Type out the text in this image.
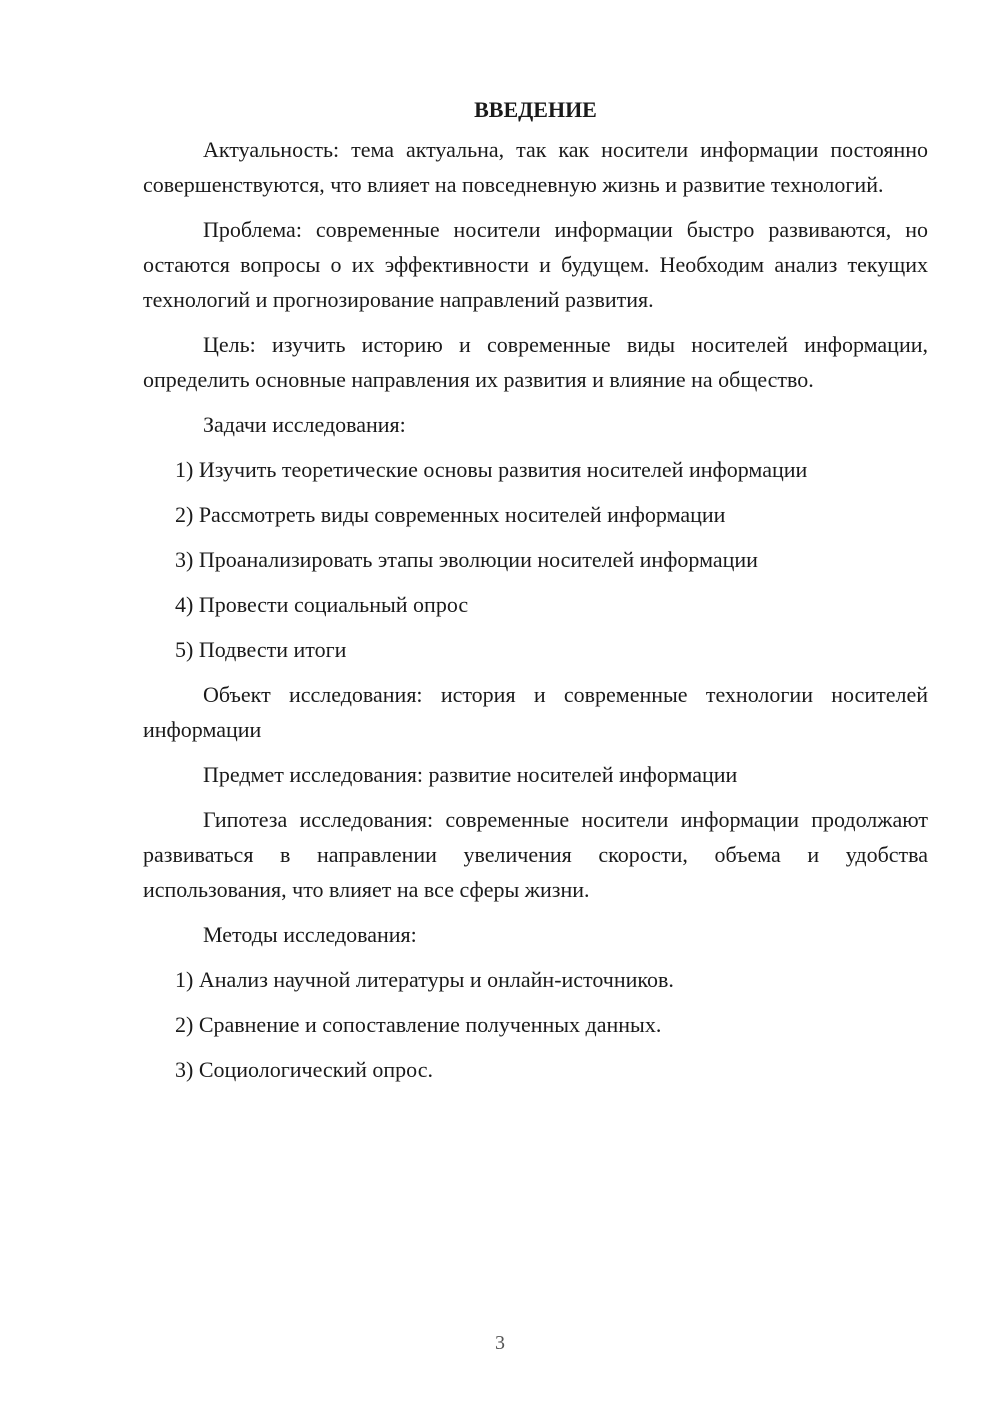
ВВЕДЕНИЕ

Актуальность: тема актуальна, так как носители информации постоянно совершенствуются, что влияет на повседневную жизнь и развитие технологий.

Проблема: современные носители информации быстро развиваются, но остаются вопросы о их эффективности и будущем. Необходим анализ текущих технологий и прогнозирование направлений развития.

Цель: изучить историю и современные виды носителей информации, определить основные направления их развития и влияние на общество.

Задачи исследования:

1) Изучить теоретические основы развития носителей информации
2) Рассмотреть виды современных носителей информации
3) Проанализировать этапы эволюции носителей информации
4) Провести социальный опрос
5) Подвести итоги

Объект исследования: история и современные технологии носителей информации

Предмет исследования: развитие носителей информации

Гипотеза исследования: современные носители информации продолжают развиваться в направлении увеличения скорости, объема и удобства использования, что влияет на все сферы жизни.

Методы исследования:

1) Анализ научной литературы и онлайн-источников.
2) Сравнение и сопоставление полученных данных.
3) Социологический опрос.
3
